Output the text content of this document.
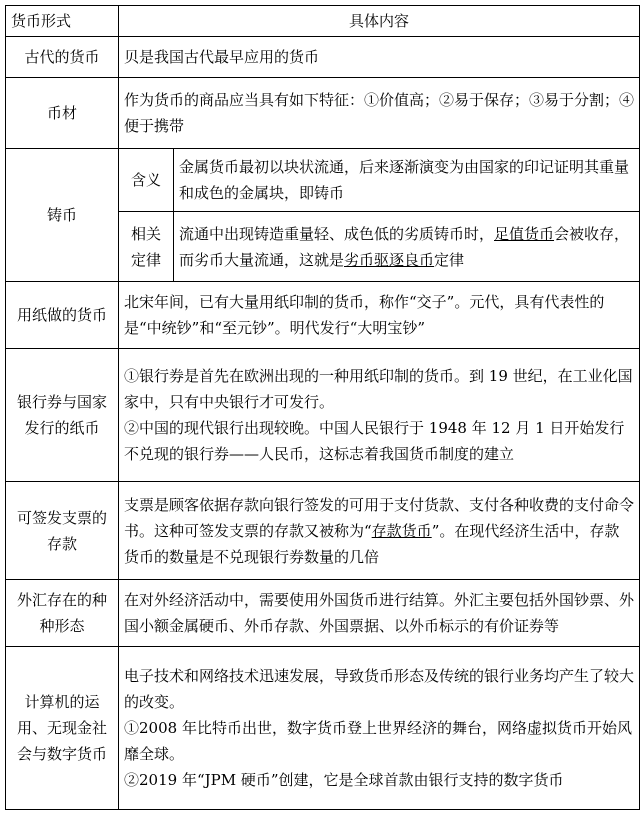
货币形式	具体内容	
古代的货币	贝是我国古代最早应用的货币	
币材	作为货币的商品应当具有如下特征：①价值高；②易于保存；③易于分割；④便于携带	
铸币	含义	金属货币最初以块状流通，后来逐渐演变为由国家的印记证明其重量和成色的金属块，即铸币
	相关定律	流通中出现铸造重量轻、成色低的劣质铸币时，足值货币会被收存，而劣币大量流通，这就是劣币驱逐良币定律
用纸做的货币	北宋年间，已有大量用纸印制的货币，称作“交子”。元代，具有代表性的是“中统钞”和“至元钞”。明代发行“大明宝钞”	
银行券与国家发行的纸币	①银行券是首先在欧洲出现的一种用纸印制的货币。到 19 世纪，在工业化国家中，只有中央银行才可发行。
②中国的现代银行出现较晚。中国人民银行于 1948 年 12 月 1 日开始发行不兑现的银行券——人民币，这标志着我国货币制度的建立	

可签发支票的存款	支票是顾客依据存款向银行签发的可用于支付货款、支付各种收费的支付命令书。这种可签发支票的存款又被称为“存款货币”。在现代经济生活中，存款货币的数量是不兑现银行券数量的几倍	
外汇存在的种种形态	在对外经济活动中，需要使用外国货币进行结算。外汇主要包括外国钞票、外国小额金属硬币、外币存款、外国票据、以外币标示的有价证券等	
计算机的运用、无现金社会与数字货币	电子技术和网络技术迅速发展，导致货币形态及传统的银行业务均产生了较大的改变。
①2008 年比特币出世，数字货币登上世界经济的舞台，网络虚拟货币开始风靡全球。
②2019 年“JPM 硬币”创建，它是全球首款由银行支持的数字货币	
